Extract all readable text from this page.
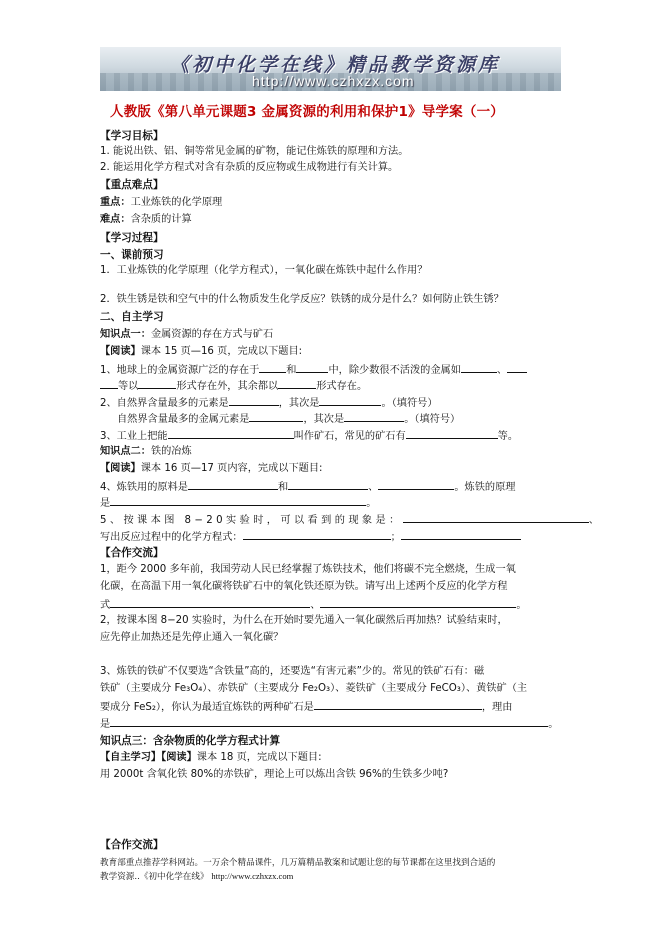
《初中化学在线》精品教学资源库
http://www.czhxzx.com
人教版《第八单元课题3 金属资源的利用和保护1》导学案（一）
【学习目标】
1. 能说出铁、铝、铜等常见金属的矿物，能记住炼铁的原理和方法。
2. 能运用化学方程式对含有杂质的反应物或生成物进行有关计算。
【重点难点】
重点：工业炼铁的化学原理
难点：含杂质的计算
【学习过程】
一、课前预习
1．工业炼铁的化学原理（化学方程式），一氧化碳在炼铁中起什么作用？
2．铁生锈是铁和空气中的什么物质发生化学反应？铁锈的成分是什么？如何防止铁生锈？
二、自主学习
知识点一：金属资源的存在方式与矿石
【阅读】课本 15 页—16 页，完成以下题目:
1、地球上的金属资源广泛的存在于	和	中，除少数很不活泼的金属如	、
等以	形式存在外，其余都以	形式存在。
2、自然界含量最多的元素是	，其次是	。（填符号）
自然界含量最多的金属元素是	，其次是	。（填符号）
3、工业上把能	叫作矿石，常见的矿石有	等。
知识点二：铁的冶炼
【阅读】课本 16 页—17 页内容，完成以下题目:
4、炼铁用的原料是	和	、	。炼铁的原理
是	。
5、按课本图 8−20实验时，可以看到的现象是：	、
写出反应过程中的化学方程式：	；
【合作交流】
1，距今 2000 多年前，我国劳动人民已经掌握了炼铁技术，他们将碳不完全燃烧，生成一氧
化碳，在高温下用一氧化碳将铁矿石中的氧化铁还原为铁。请写出上述两个反应的化学方程
式	、	。
2，按课本图 8−20 实验时，为什么在开始时要先通入一氧化碳然后再加热？试验结束时，
应先停止加热还是先停止通入一氧化碳？
3、炼铁的铁矿不仅要选“含铁量”高的，还要选“有害元素”少的。常见的铁矿石有：磁
铁矿（主要成分 Fe₃O₄）、赤铁矿（主要成分 Fe₂O₃）、菱铁矿（主要成分 FeCO₃）、黄铁矿（主
要成分 FeS₂），你认为最适宜炼铁的两种矿石是	，理由
是	。
知识点三：含杂物质的化学方程式计算
【自主学习】【阅读】课本 18 页，完成以下题目:
用 2000t 含氧化铁 80%的赤铁矿，理论上可以炼出含铁 96%的生铁多少吨?
【合作交流】
教育部重点推荐学科网站。一万余个精品课件，几万篇精品教案和试题让您的每节课都在这里找到合适的
教学资源..《初中化学在线》 http://www.czhxzx.com
